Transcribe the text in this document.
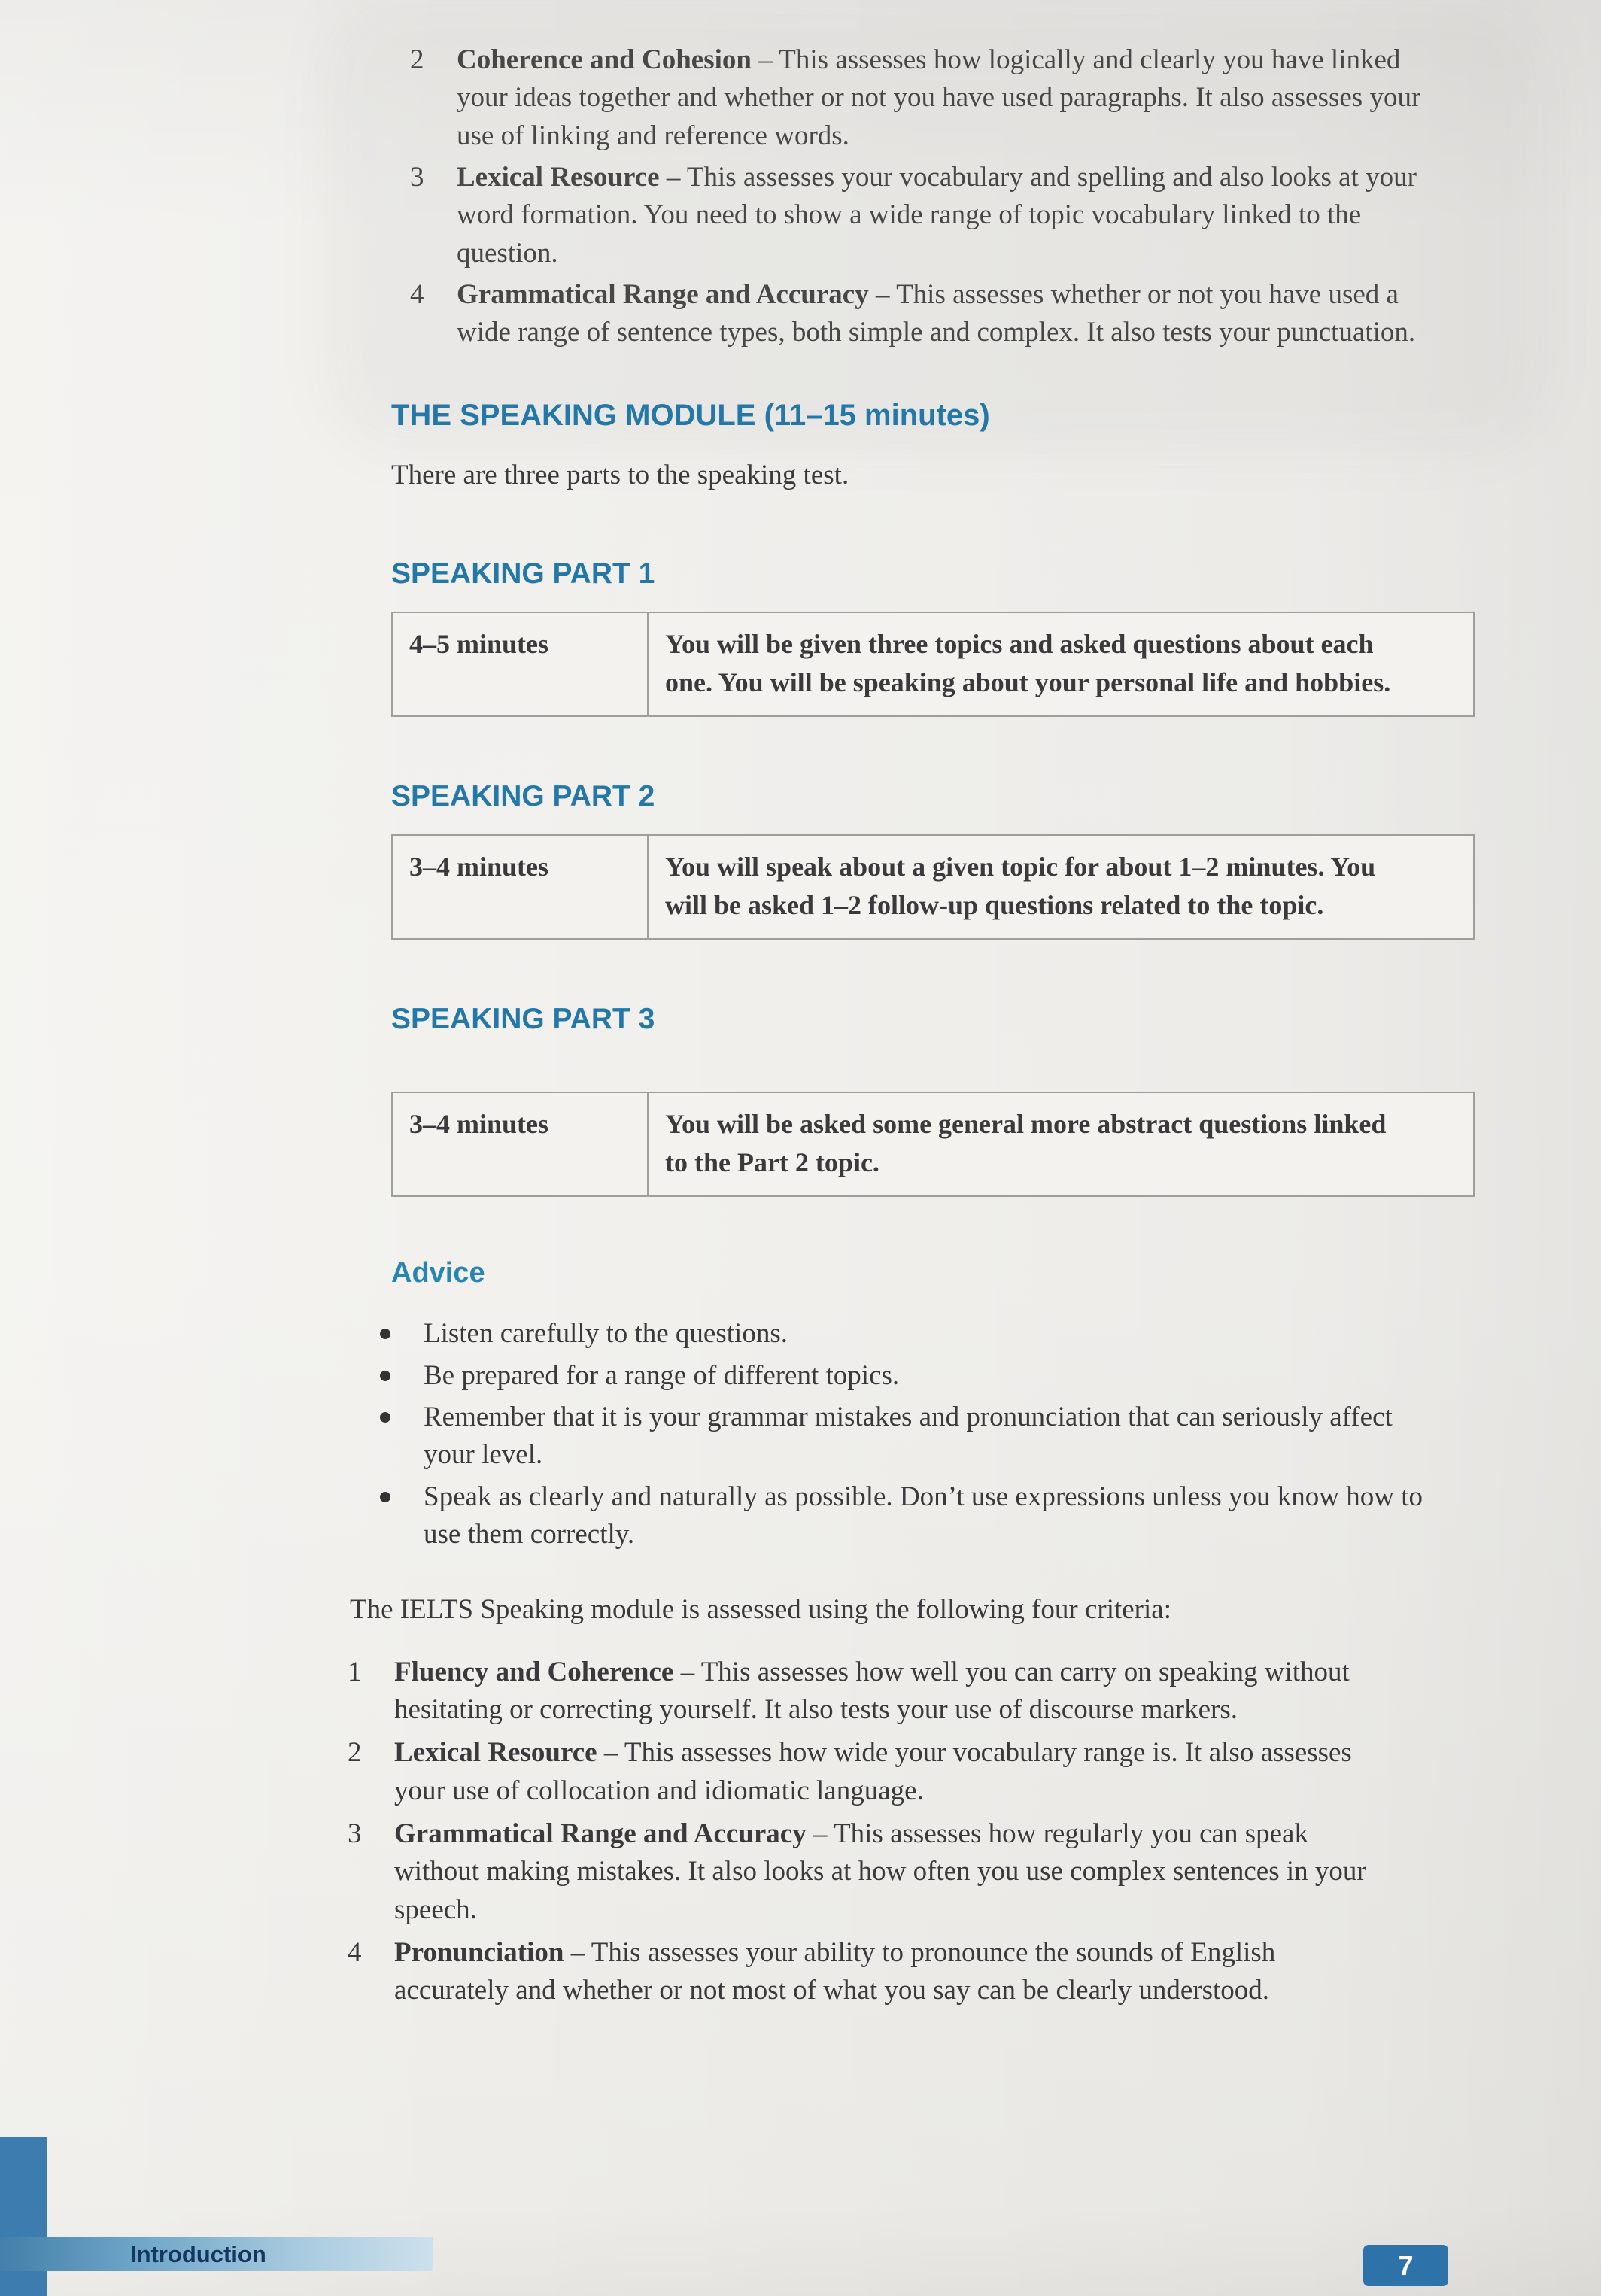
2	Coherence and Cohesion – This assesses how logically and clearly you have linked your ideas together and whether or not you have used paragraphs. It also assesses your use of linking and reference words.

3	Lexical Resource – This assesses your vocabulary and spelling and also looks at your word formation. You need to show a wide range of topic vocabulary linked to the question.

4	Grammatical Range and Accuracy – This assesses whether or not you have used a wide range of sentence types, both simple and complex. It also tests your punctuation.

THE SPEAKING MODULE (11–15 minutes)

There are three parts to the speaking test.

SPEAKING PART 1
4–5 minutes	You will be given three topics and asked questions about each one. You will be speaking about your personal life and hobbies.
SPEAKING PART 2
3–4 minutes	You will speak about a given topic for about 1–2 minutes. You will be asked 1–2 follow-up questions related to the topic.
SPEAKING PART 3
3–4 minutes	You will be asked some general more abstract questions linked to the Part 2 topic.
Advice

Listen carefully to the questions.

Be prepared for a range of different topics.

Remember that it is your grammar mistakes and pronunciation that can seriously affect your level.

Speak as clearly and naturally as possible. Don’t use expressions unless you know how to use them correctly.

The IELTS Speaking module is assessed using the following four criteria:

1	Fluency and Coherence – This assesses how well you can carry on speaking without hesitating or correcting yourself. It also tests your use of discourse markers.

2	Lexical Resource – This assesses how wide your vocabulary range is. It also assesses your use of collocation and idiomatic language.

3	Grammatical Range and Accuracy – This assesses how regularly you can speak without making mistakes. It also looks at how often you use complex sentences in your speech.

4	Pronunciation – This assesses your ability to pronounce the sounds of English accurately and whether or not most of what you say can be clearly understood.

Introduction	7
